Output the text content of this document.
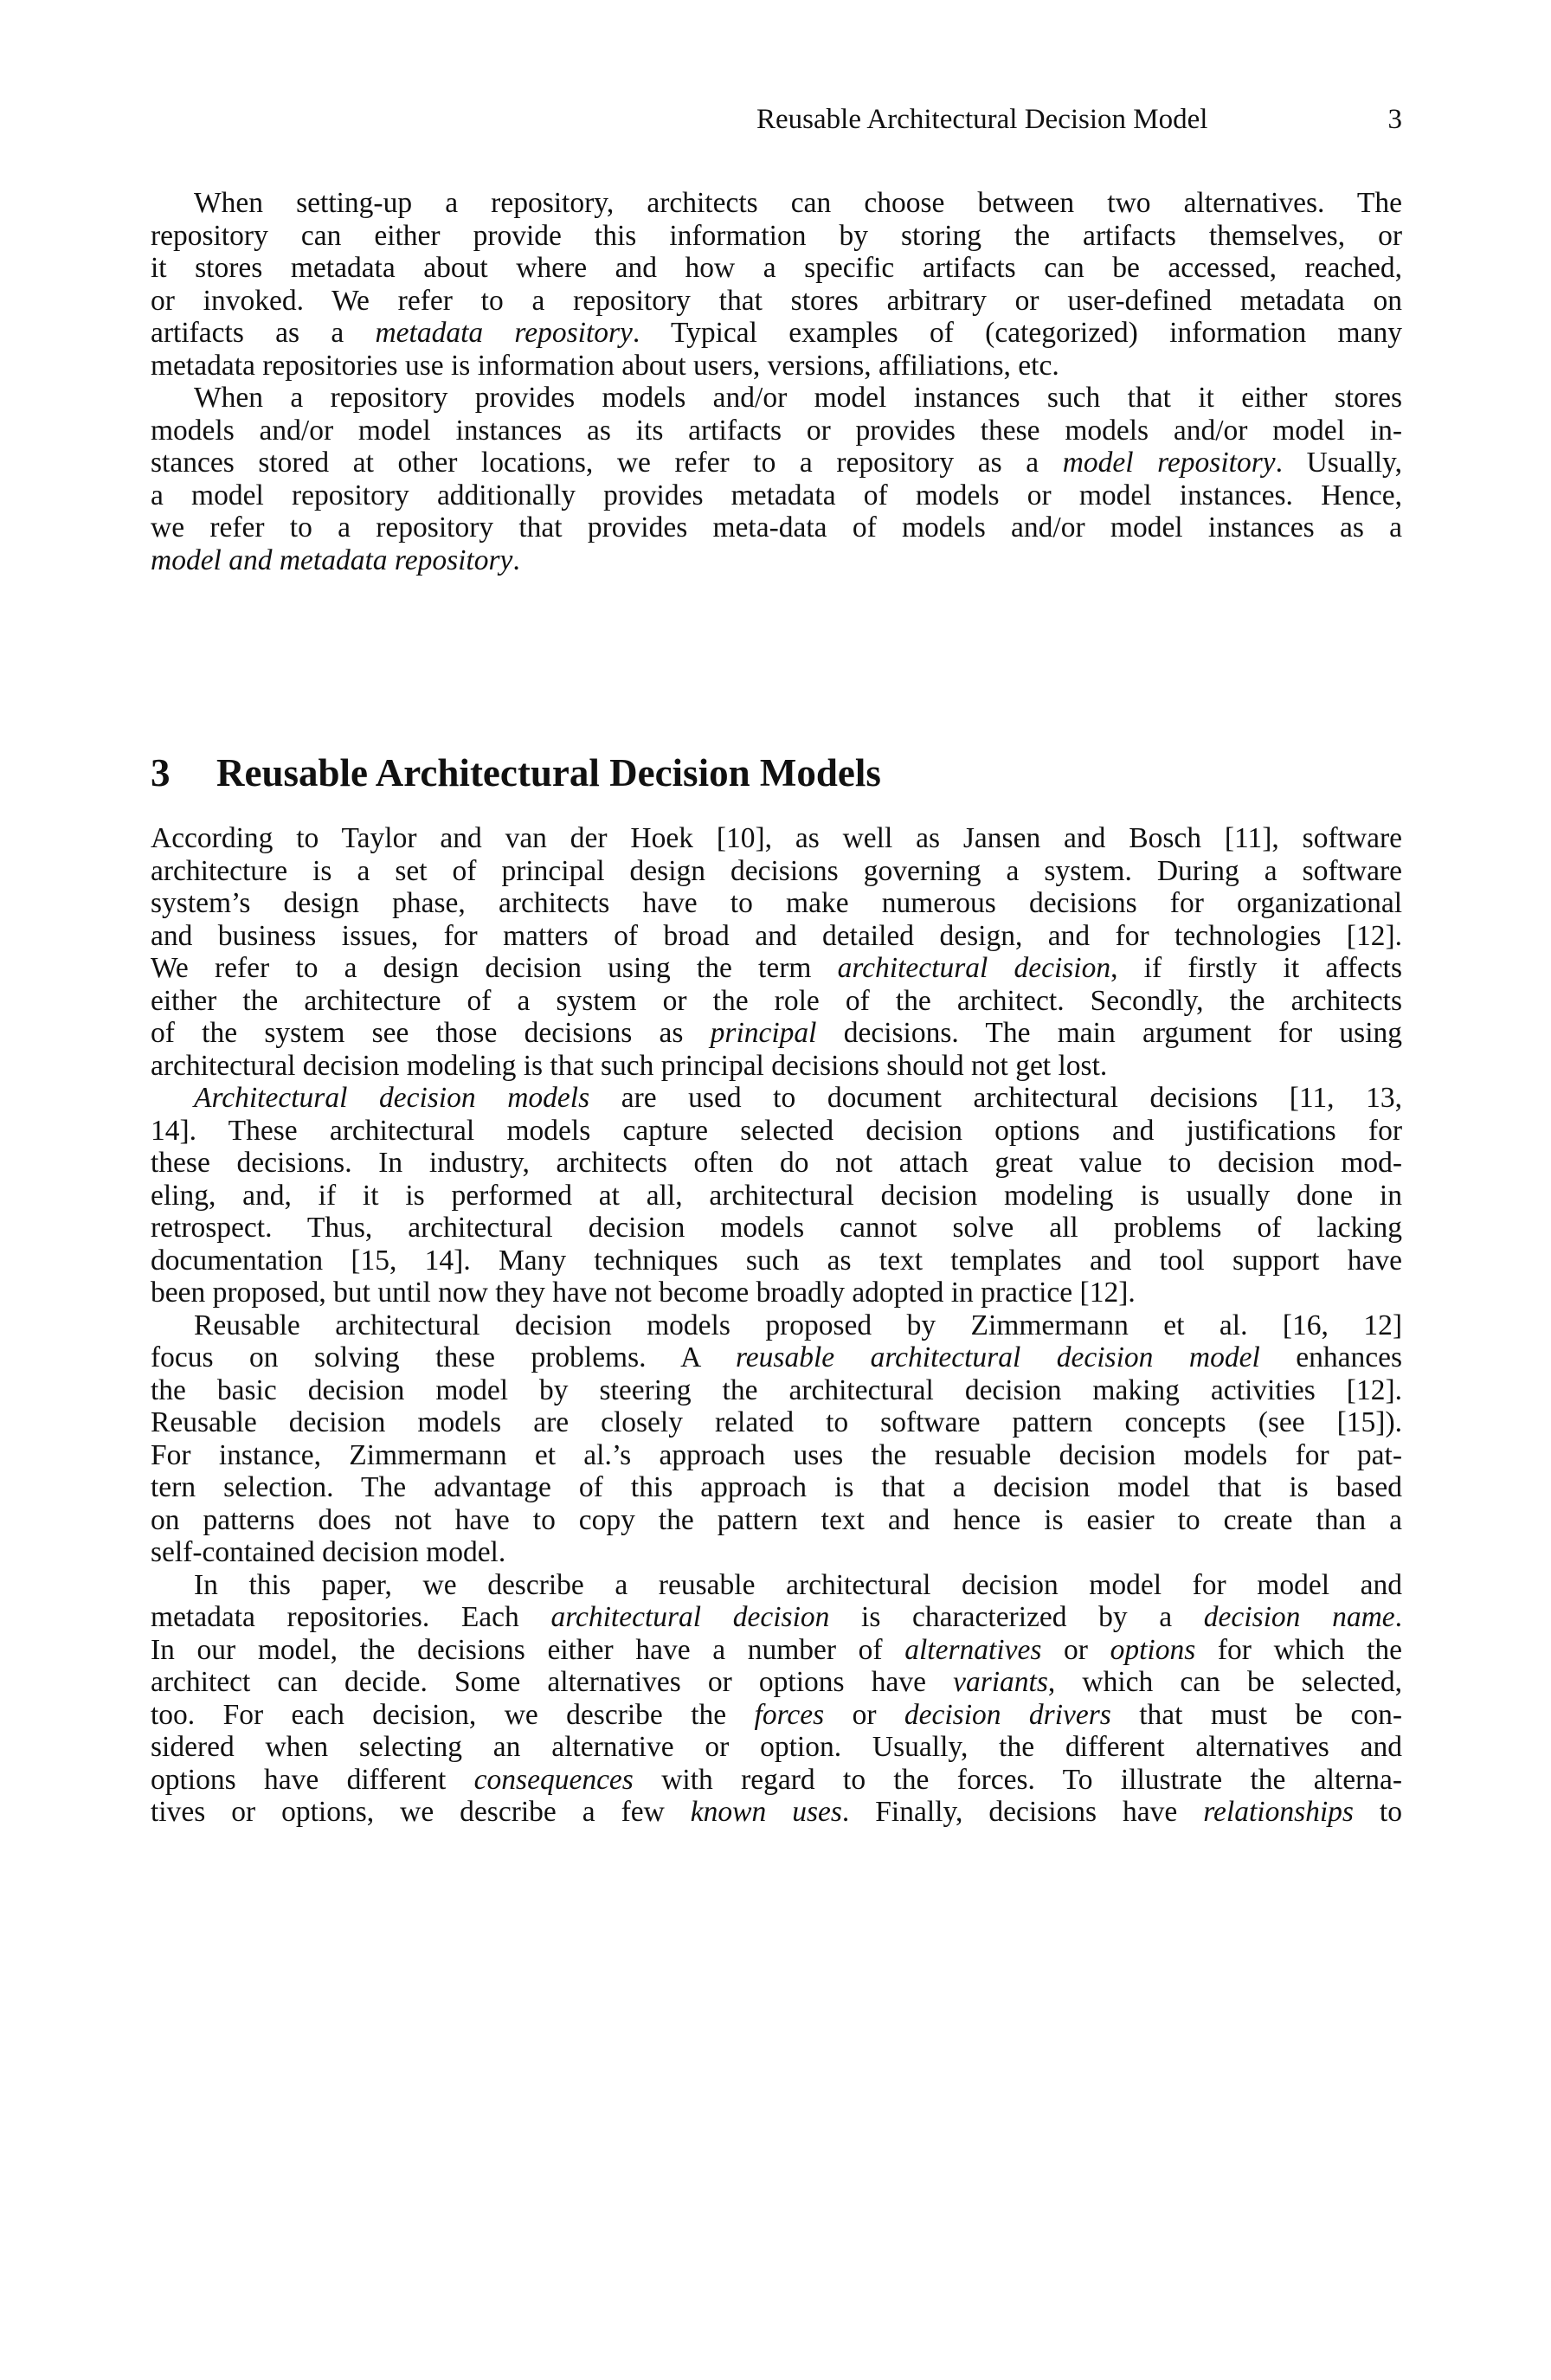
Reusable Architectural Decision Model	3
When setting-up a repository, architects can choose between two alternatives. The
repository can either provide this information by storing the artifacts themselves, or
it stores metadata about where and how a specific artifacts can be accessed, reached,
or invoked. We refer to a repository that stores arbitrary or user-defined metadata on
artifacts as a metadata repository. Typical examples of (categorized) information many
metadata repositories use is information about users, versions, affiliations, etc.
When a repository provides models and/or model instances such that it either stores
models and/or model instances as its artifacts or provides these models and/or model in-
stances stored at other locations, we refer to a repository as a model repository. Usually,
a model repository additionally provides metadata of models or model instances. Hence,
we refer to a repository that provides meta-data of models and/or model instances as a
model and metadata repository.
3 Reusable Architectural Decision Models
According to Taylor and van der Hoek [10], as well as Jansen and Bosch [11], software
architecture is a set of principal design decisions governing a system. During a software
system’s design phase, architects have to make numerous decisions for organizational
and business issues, for matters of broad and detailed design, and for technologies [12].
We refer to a design decision using the term architectural decision, if firstly it affects
either the architecture of a system or the role of the architect. Secondly, the architects
of the system see those decisions as principal decisions. The main argument for using
architectural decision modeling is that such principal decisions should not get lost.
Architectural decision models are used to document architectural decisions [11, 13,
14]. These architectural models capture selected decision options and justifications for
these decisions. In industry, architects often do not attach great value to decision mod-
eling, and, if it is performed at all, architectural decision modeling is usually done in
retrospect. Thus, architectural decision models cannot solve all problems of lacking
documentation [15, 14]. Many techniques such as text templates and tool support have
been proposed, but until now they have not become broadly adopted in practice [12].
Reusable architectural decision models proposed by Zimmermann et al. [16, 12]
focus on solving these problems. A reusable architectural decision model enhances
the basic decision model by steering the architectural decision making activities [12].
Reusable decision models are closely related to software pattern concepts (see [15]).
For instance, Zimmermann et al.’s approach uses the resuable decision models for pat-
tern selection. The advantage of this approach is that a decision model that is based
on patterns does not have to copy the pattern text and hence is easier to create than a
self-contained decision model.
In this paper, we describe a reusable architectural decision model for model and
metadata repositories. Each architectural decision is characterized by a decision name.
In our model, the decisions either have a number of alternatives or options for which the
architect can decide. Some alternatives or options have variants, which can be selected,
too. For each decision, we describe the forces or decision drivers that must be con-
sidered when selecting an alternative or option. Usually, the different alternatives and
options have different consequences with regard to the forces. To illustrate the alterna-
tives or options, we describe a few known uses. Finally, decisions have relationships to
